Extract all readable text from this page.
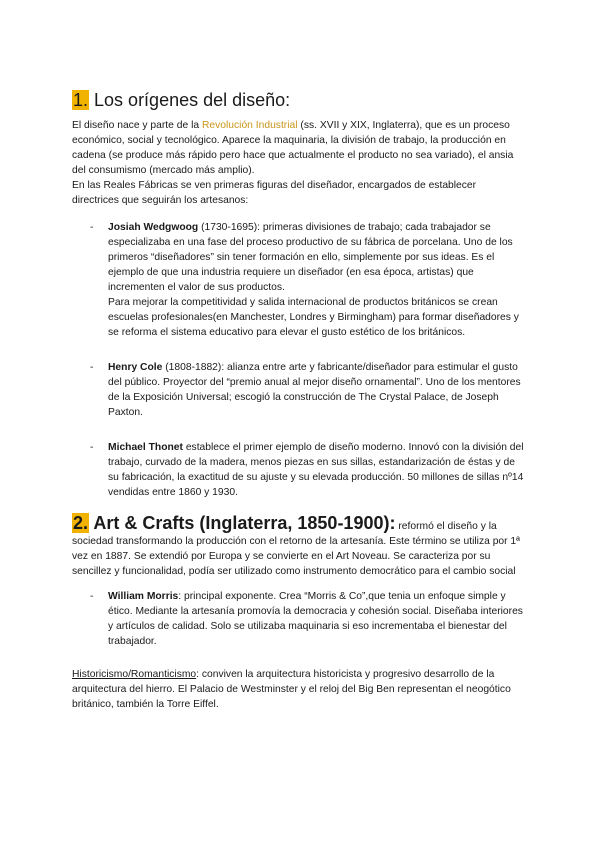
1. Los orígenes del diseño:

El diseño nace y parte de la Revolución Industrial (ss. XVII y XIX, Inglaterra), que es un proceso económico, social y tecnológico. Aparece la maquinaria, la división de trabajo, la producción en cadena (se produce más rápido pero hace que actualmente el producto no sea variado), el ansia del consumismo (mercado más amplio).

En las Reales Fábricas se ven primeras figuras del diseñador, encargados de establecer directrices que seguirán los artesanos:

- Josiah Wedgwoog (1730-1695): primeras divisiones de trabajo; cada trabajador se especializaba en una fase del proceso productivo de su fábrica de porcelana. Uno de los primeros “diseñadores” sin tener formación en ello, simplemente por sus ideas. Es el ejemplo de que una industria requiere un diseñador (en esa época, artistas) que incrementen el valor de sus productos.

Para mejorar la competitividad y salida internacional de productos británicos se crean escuelas profesionales(en Manchester, Londres y Birmingham) para formar diseñadores y se reforma el sistema educativo para elevar el gusto estético de los británicos.

- Henry Cole (1808-1882): alianza entre arte y fabricante/diseñador para estimular el gusto del público. Proyector del “premio anual al mejor diseño ornamental”. Uno de los mentores de la Exposición Universal; escogió la construcción de The Crystal Palace, de Joseph Paxton.

- Michael Thonet establece el primer ejemplo de diseño moderno. Innovó con la división del trabajo, curvado de la madera, menos piezas en sus sillas, estandarización de éstas y de su fabricación, la exactitud de su ajuste y su elevada producción. 50 millones de sillas nº14 vendidas entre 1860 y 1930.

2. Art & Crafts (Inglaterra, 1850-1900): reformó el diseño y la sociedad transformando la producción con el retorno de la artesanía. Este término se utiliza por 1ª vez en 1887. Se extendió por Europa y se convierte en el Art Noveau. Se caracteriza por su sencillez y funcionalidad, podía ser utilizado como instrumento democrático para el cambio social

- William Morris: principal exponente. Crea “Morris & Co”,que tenia un enfoque simple y ético. Mediante la artesanía promovía la democracia y cohesión social. Diseñaba interiores y artículos de calidad. Solo se utilizaba maquinaria si eso incrementaba el bienestar del trabajador.

Historicismo/Romanticismo: conviven la arquitectura historicista y progresivo desarrollo de la arquitectura del hierro. El Palacio de Westminster y el reloj del Big Ben representan el neogótico británico, también la Torre Eiffel.
